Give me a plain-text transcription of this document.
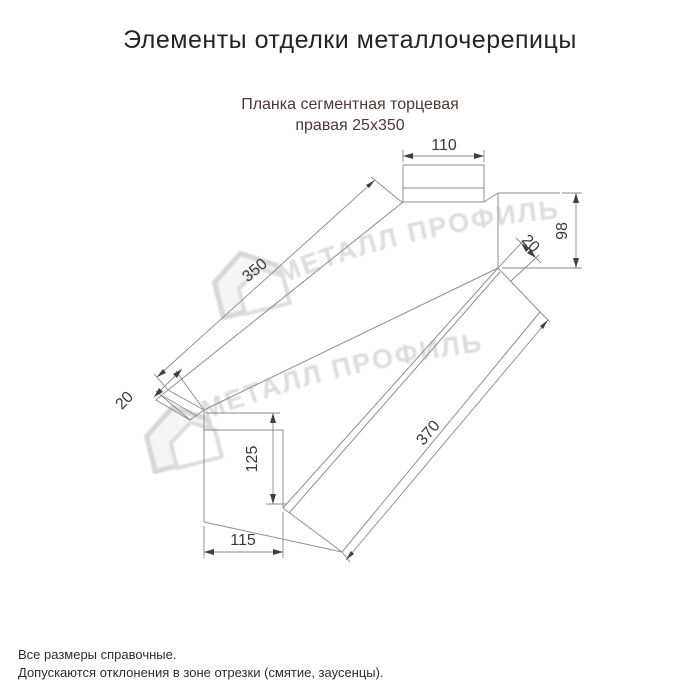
Элементы отделки металлочерепицы
Планка сегментная торцевая
правая 25х350
МЕТАЛЛ ПРОФИЛЬ
МЕТАЛЛ ПРОФИЛЬ
110
98
20
350
20
125
115
370
Все размеры справочные.
Допускаются отклонения в зоне отрезки (смятие, заусенцы).
